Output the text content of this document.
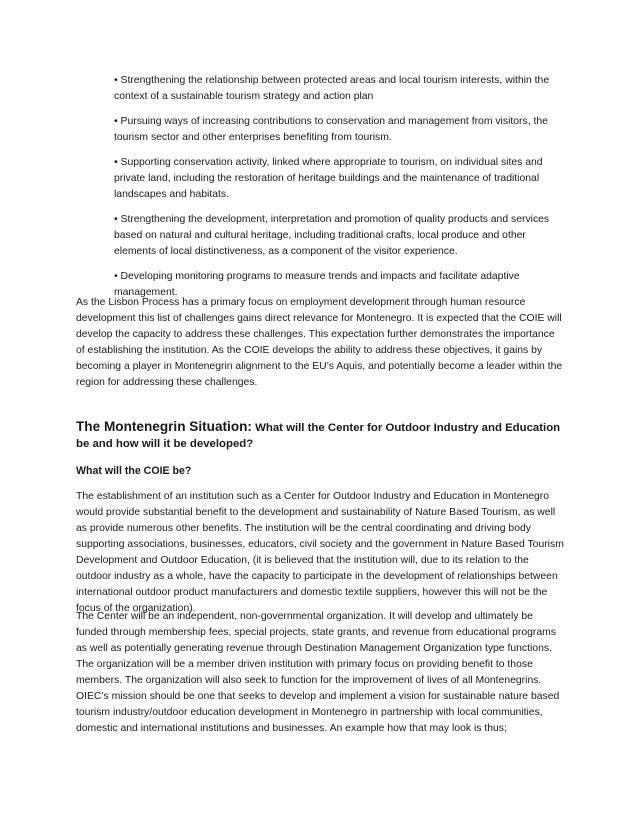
• Strengthening the relationship between protected areas and local tourism interests, within the context of a sustainable tourism strategy and action plan

• Pursuing ways of increasing contributions to conservation and management from visitors, the tourism sector and other enterprises benefiting from tourism.

• Supporting conservation activity, linked where appropriate to tourism, on individual sites and private land, including the restoration of heritage buildings and the maintenance of traditional landscapes and habitats.

• Strengthening the development, interpretation and promotion of quality products and services based on natural and cultural heritage, including traditional crafts, local produce and other elements of local distinctiveness, as a component of the visitor experience.

• Developing monitoring programs to measure trends and impacts and facilitate adaptive management.

As the Lisbon Process has a primary focus on employment development through human resource development this list of challenges gains direct relevance for Montenegro. It is expected that the COIE will develop the capacity to address these challenges. This expectation further demonstrates the importance of establishing the institution. As the COIE develops the ability to address these objectives, it gains by becoming a player in Montenegrin alignment to the EU’s Aquis, and potentially become a leader within the region for addressing these challenges.

The Montenegrin Situation: What will the Center for Outdoor Industry and Education be and how will it be developed?

What will the COIE be?

The establishment of an institution such as a Center for Outdoor Industry and Education in Montenegro would provide substantial benefit to the development and sustainability of Nature Based Tourism, as well as provide numerous other benefits. The institution will be the central coordinating and driving body supporting associations, businesses, educators, civil society and the government in Nature Based Tourism Development and Outdoor Education, (it is believed that the institution will, due to its relation to the outdoor industry as a whole, have the capacity to participate in the development of relationships between international outdoor product manufacturers and domestic textile suppliers, however this will not be the focus of the organization).

The Center will be an independent, non-governmental organization. It will develop and ultimately be funded through membership fees, special projects, state grants, and revenue from educational programs as well as potentially generating revenue through Destination Management Organization type functions. The organization will be a member driven institution with primary focus on providing benefit to those members. The organization will also seek to function for the improvement of lives of all Montenegrins. OIEC’s mission should be one that seeks to develop and implement a vision for sustainable nature based tourism industry/outdoor education development in Montenegro in partnership with local communities, domestic and international institutions and businesses. An example how that may look is thus;
